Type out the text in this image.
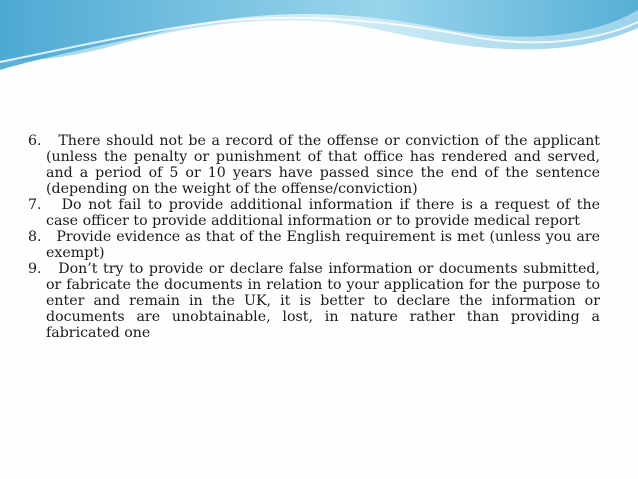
6. There should not be a record of the offense or conviction of the applicant (unless the penalty or punishment of that office has rendered and served, and a period of 5 or 10 years have passed since the end of the sentence (depending on the weight of the offense/conviction)
7. Do not fail to provide additional information if there is a request of the case officer to provide additional information or to provide medical report
8. Provide evidence as that of the English requirement is met (unless you are exempt)
9. Don’t try to provide or declare false information or documents submitted, or fabricate the documents in relation to your application for the purpose to enter and remain in the UK, it is better to declare the information or documents are unobtainable, lost, in nature rather than providing a fabricated one
